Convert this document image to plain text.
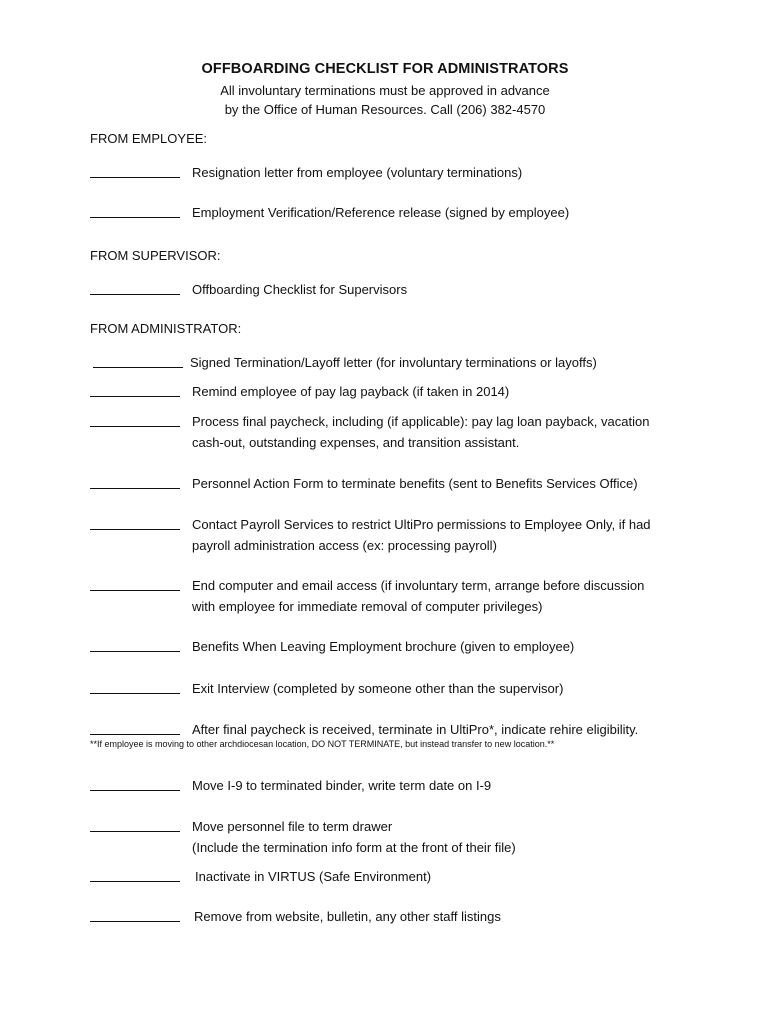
OFFBOARDING CHECKLIST FOR ADMINISTRATORS
All involuntary terminations must be approved in advance
by the Office of Human Resources. Call (206) 382-4570
FROM EMPLOYEE:
Resignation letter from employee (voluntary terminations)
Employment Verification/Reference release (signed by employee)
FROM SUPERVISOR:
Offboarding Checklist for Supervisors
FROM ADMINISTRATOR:
Signed Termination/Layoff letter (for involuntary terminations or layoffs)
Remind employee of pay lag payback (if taken in 2014)
Process final paycheck, including (if applicable): pay lag loan payback, vacation
cash-out, outstanding expenses, and transition assistant.
Personnel Action Form to terminate benefits (sent to Benefits Services Office)
Contact Payroll Services to restrict UltiPro permissions to Employee Only, if had
payroll administration access (ex: processing payroll)
End computer and email access (if involuntary term, arrange before discussion
with employee for immediate removal of computer privileges)
Benefits When Leaving Employment brochure (given to employee)
Exit Interview (completed by someone other than the supervisor)
After final paycheck is received, terminate in UltiPro*, indicate rehire eligibility.
**If employee is moving to other archdiocesan location, DO NOT TERMINATE, but instead transfer to new location.**
Move I-9 to terminated binder, write term date on I-9
Move personnel file to term drawer
(Include the termination info form at the front of their file)
Inactivate in VIRTUS (Safe Environment)
Remove from website, bulletin, any other staff listings
